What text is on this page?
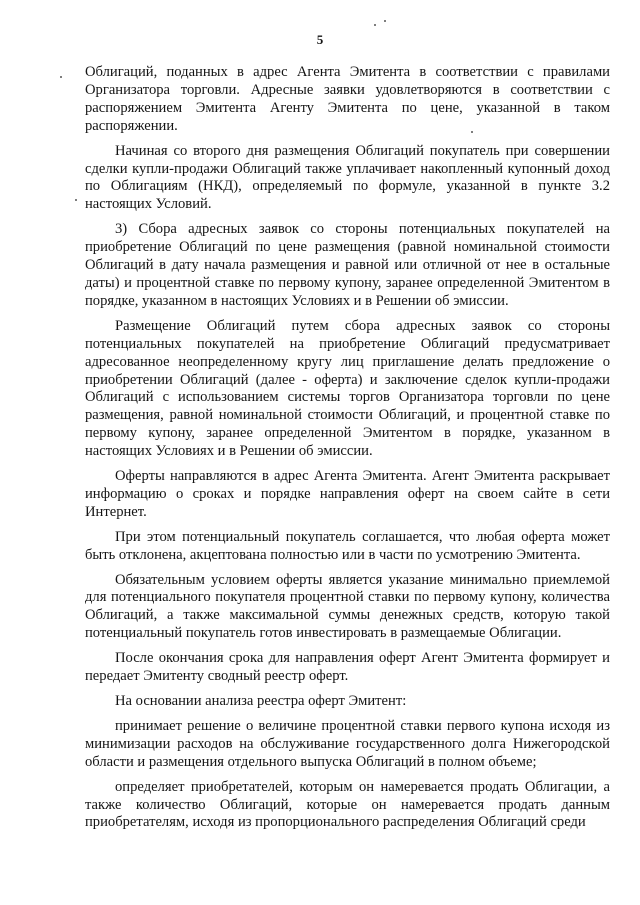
5

Облигаций, поданных в адрес Агента Эмитента в соответствии с правилами Организатора торговли. Адресные заявки удовлетворяются в соответствии с распоряжением Эмитента Агенту Эмитента по цене, указанной в таком распоряжении.

Начиная со второго дня размещения Облигаций покупатель при совершении сделки купли-продажи Облигаций также уплачивает накопленный купонный доход по Облигациям (НКД), определяемый по формуле, указанной в пункте 3.2 настоящих Условий.

3) Сбора адресных заявок со стороны потенциальных покупателей на приобретение Облигаций по цене размещения (равной номинальной стоимости Облигаций в дату начала размещения и равной или отличной от нее в остальные даты) и процентной ставке по первому купону, заранее определенной Эмитентом в порядке, указанном в настоящих Условиях и в Решении об эмиссии.

Размещение Облигаций путем сбора адресных заявок со стороны потенциальных покупателей на приобретение Облигаций предусматривает адресованное неопределенному кругу лиц приглашение делать предложение о приобретении Облигаций (далее - оферта) и заключение сделок купли-продажи Облигаций с использованием системы торгов Организатора торговли по цене размещения, равной номинальной стоимости Облигаций, и процентной ставке по первому купону, заранее определенной Эмитентом в порядке, указанном в настоящих Условиях и в Решении об эмиссии.

Оферты направляются в адрес Агента Эмитента. Агент Эмитента раскрывает информацию о сроках и порядке направления оферт на своем сайте в сети Интернет.

При этом потенциальный покупатель соглашается, что любая оферта может быть отклонена, акцептована полностью или в части по усмотрению Эмитента.

Обязательным условием оферты является указание минимально приемлемой для потенциального покупателя процентной ставки по первому купону, количества Облигаций, а также максимальной суммы денежных средств, которую такой потенциальный покупатель готов инвестировать в размещаемые Облигации.

После окончания срока для направления оферт Агент Эмитента формирует и передает Эмитенту сводный реестр оферт.

На основании анализа реестра оферт Эмитент:

принимает решение о величине процентной ставки первого купона исходя из минимизации расходов на обслуживание государственного долга Нижегородской области и размещения отдельного выпуска Облигаций в полном объеме;

определяет приобретателей, которым он намеревается продать Облигации, а также количество Облигаций, которые он намеревается продать данным приобретателям, исходя из пропорционального распределения Облигаций среди
